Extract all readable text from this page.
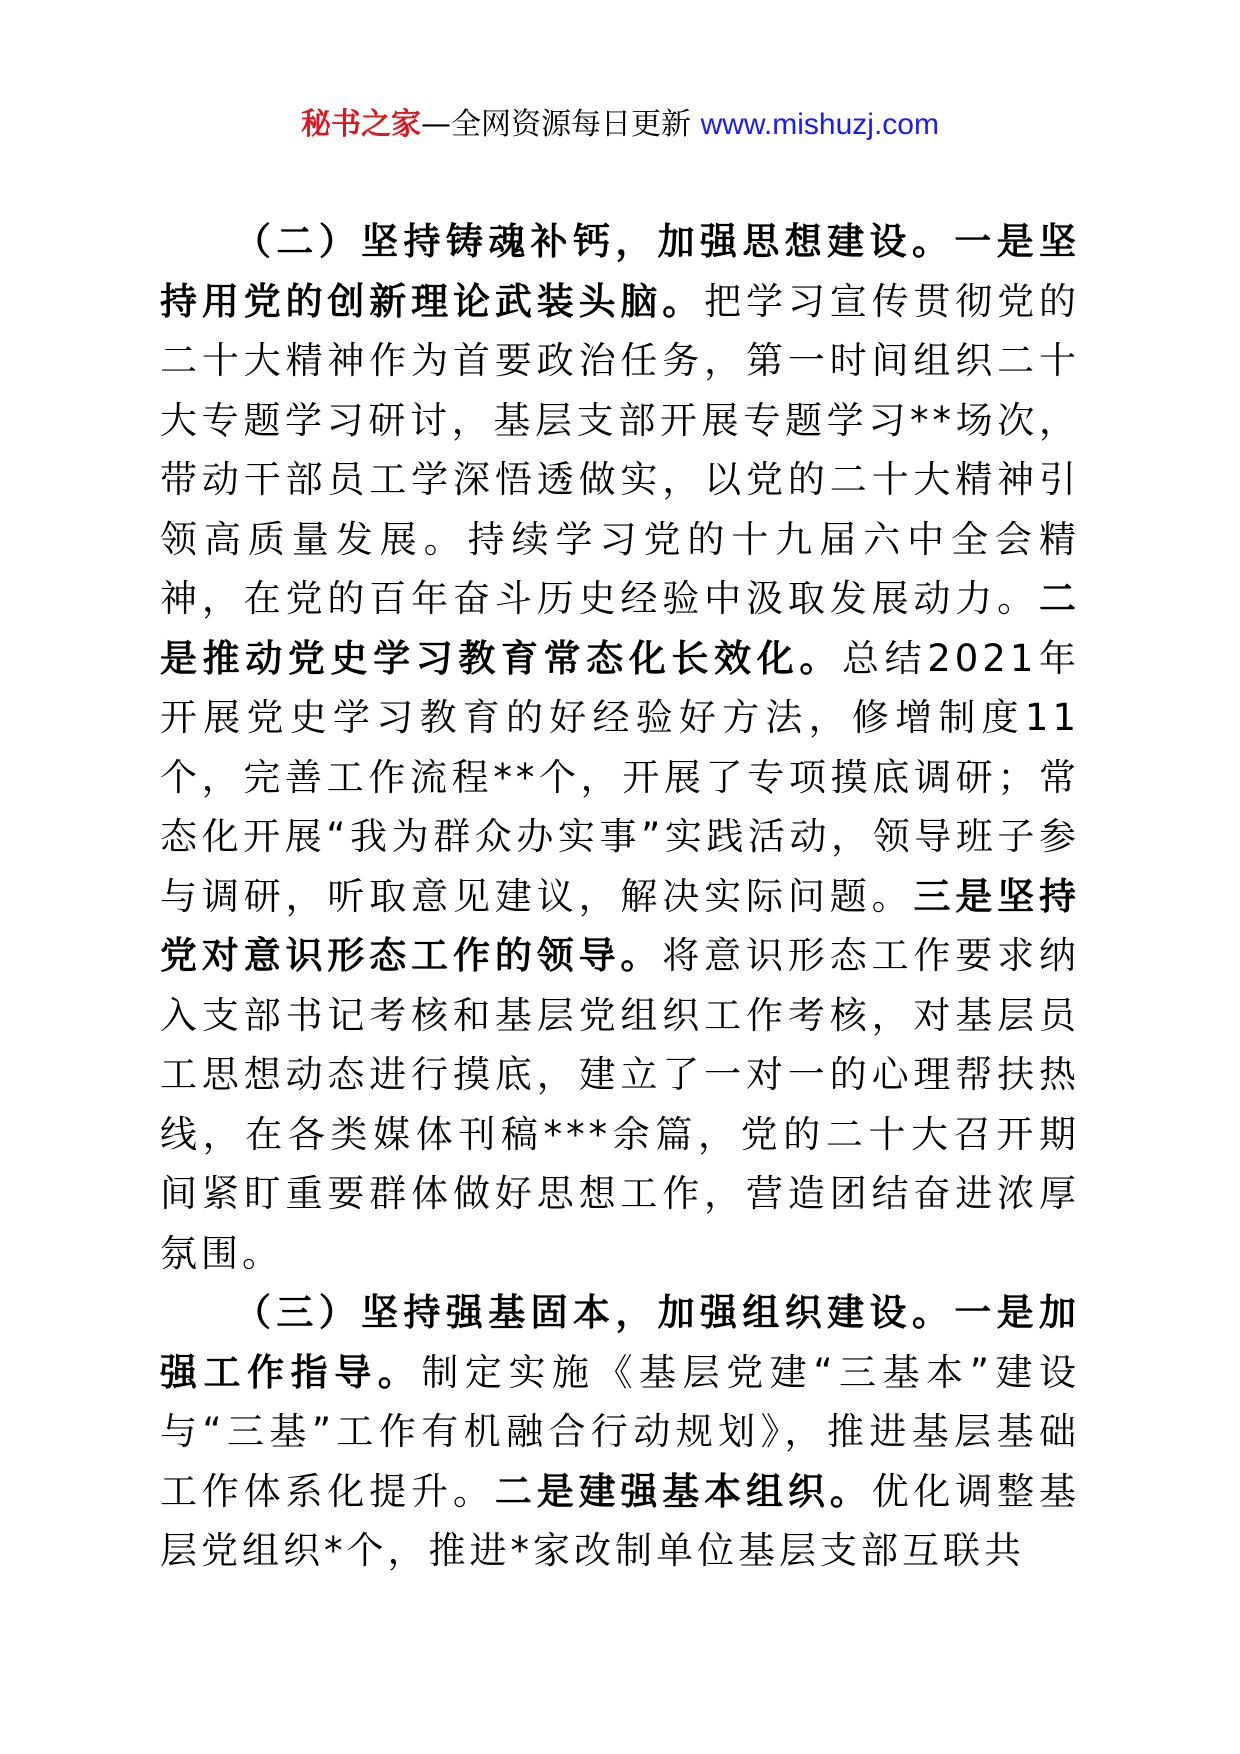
秘书之家—全网资源每日更新 www.mishuzj.com

（二）坚持铸魂补钙，加强思想建设。一是坚持用党的创新理论武装头脑。把学习宣传贯彻党的二十大精神作为首要政治任务，第一时间组织二十大专题学习研讨，基层支部开展专题学习**场次，带动干部员工学深悟透做实，以党的二十大精神引领高质量发展。持续学习党的十九届六中全会精神，在党的百年奋斗历史经验中汲取发展动力。二是推动党史学习教育常态化长效化。总结2021年开展党史学习教育的好经验好方法，修增制度11个，完善工作流程**个，开展了专项摸底调研；常态化开展“我为群众办实事”实践活动，领导班子参与调研，听取意见建议，解决实际问题。三是坚持党对意识形态工作的领导。将意识形态工作要求纳入支部书记考核和基层党组织工作考核，对基层员工思想动态进行摸底，建立了一对一的心理帮扶热线，在各类媒体刊稿***余篇，党的二十大召开期间紧盯重要群体做好思想工作，营造团结奋进浓厚氛围。

（三）坚持强基固本，加强组织建设。一是加强工作指导。制定实施《基层党建“三基本”建设与“三基”工作有机融合行动规划》，推进基层基础工作体系化提升。二是建强基本组织。优化调整基层党组织*个，推进*家改制单位基层支部互联共
